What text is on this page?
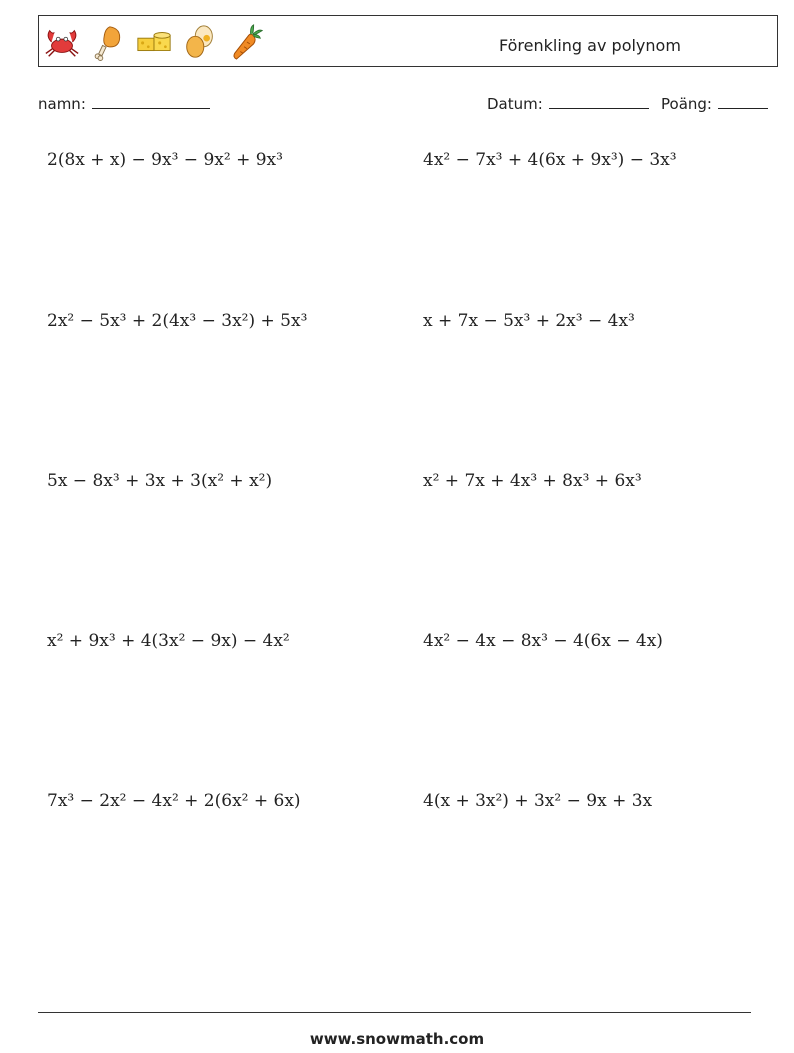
Förenkling av polynom
namn:	Datum:	Poäng:
2(8x + x) − 9x³ − 9x² + 9x³	4x² − 7x³ + 4(6x + 9x³) − 3x³
2x² − 5x³ + 2(4x³ − 3x²) + 5x³	x + 7x − 5x³ + 2x³ − 4x³
5x − 8x³ + 3x + 3(x² + x²)	x² + 7x + 4x³ + 8x³ + 6x³
x² + 9x³ + 4(3x² − 9x) − 4x²	4x² − 4x − 8x³ − 4(6x − 4x)
7x³ − 2x² − 4x² + 2(6x² + 6x)	4(x + 3x²) + 3x² − 9x + 3x
www.snowmath.com
